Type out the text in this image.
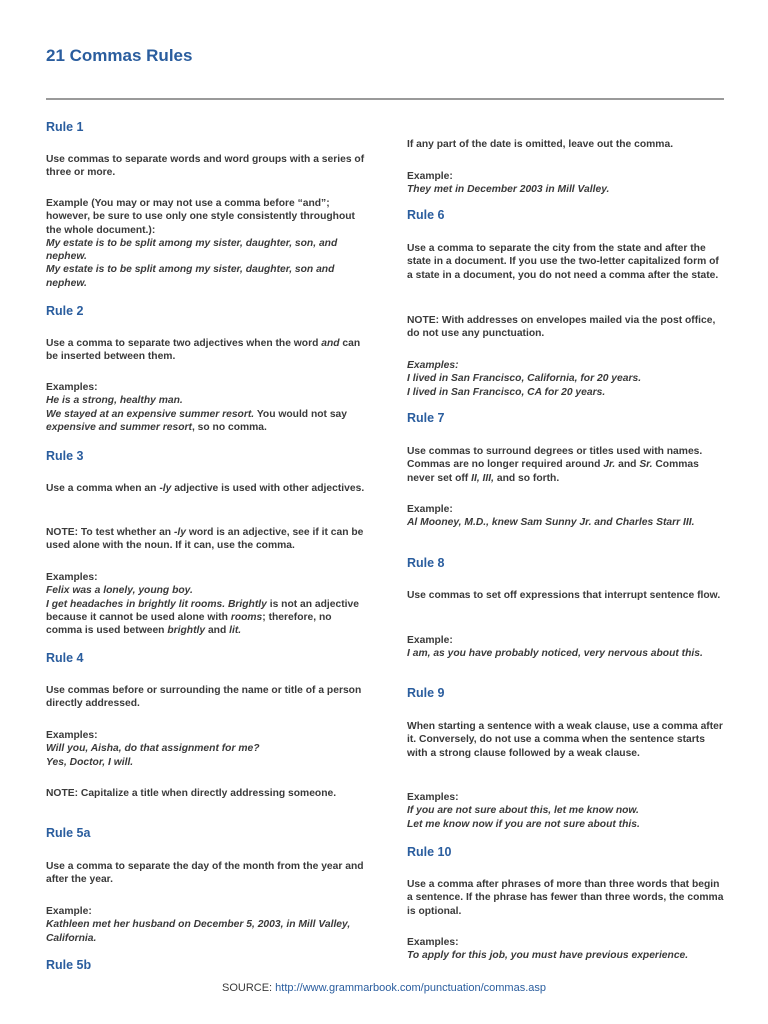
21 Commas Rules
Rule 1

Use commas to separate words and word groups with a series of three or more.

Example (You may or may not use a comma before “and”; however, be sure to use only one style consistently throughout the whole document.):
My estate is to be split among my sister, daughter, son, and nephew.
My estate is to be split among my sister, daughter, son and nephew.

Rule 2

Use a comma to separate two adjectives when the word and can be inserted between them.

Examples:
He is a strong, healthy man.
We stayed at an expensive summer resort. You would not say expensive and summer resort, so no comma.

Rule 3

Use a comma when an -ly adjective is used with other adjectives.

NOTE: To test whether an -ly word is an adjective, see if it can be used alone with the noun. If it can, use the comma.

Examples:
Felix was a lonely, young boy.
I get headaches in brightly lit rooms. Brightly is not an adjective because it cannot be used alone with rooms; therefore, no comma is used between brightly and lit.

Rule 4

Use commas before or surrounding the name or title of a person directly addressed.

Examples:
Will you, Aisha, do that assignment for me?
Yes, Doctor, I will.

NOTE: Capitalize a title when directly addressing someone.

Rule 5a

Use a comma to separate the day of the month from the year and after the year.

Example:
Kathleen met her husband on December 5, 2003, in Mill Valley, California.

Rule 5b

If any part of the date is omitted, leave out the comma.

Example:
They met in December 2003 in Mill Valley.

Rule 6

Use a comma to separate the city from the state and after the state in a document. If you use the two-letter capitalized form of a state in a document, you do not need a comma after the state.

NOTE: With addresses on envelopes mailed via the post office, do not use any punctuation.

Examples:
I lived in San Francisco, California, for 20 years.
I lived in San Francisco, CA for 20 years.

Rule 7

Use commas to surround degrees or titles used with names. Commas are no longer required around Jr. and Sr. Commas never set off II, III, and so forth.

Example:
Al Mooney, M.D., knew Sam Sunny Jr. and Charles Starr III.

Rule 8

Use commas to set off expressions that interrupt sentence flow.

Example:
I am, as you have probably noticed, very nervous about this.

Rule 9

When starting a sentence with a weak clause, use a comma after it. Conversely, do not use a comma when the sentence starts with a strong clause followed by a weak clause.

Examples:
If you are not sure about this, let me know now.
Let me know now if you are not sure about this.

Rule 10

Use a comma after phrases of more than three words that begin a sentence. If the phrase has fewer than three words, the comma is optional.

Examples:
To apply for this job, you must have previous experience.

SOURCE: http://www.grammarbook.com/punctuation/commas.asp
